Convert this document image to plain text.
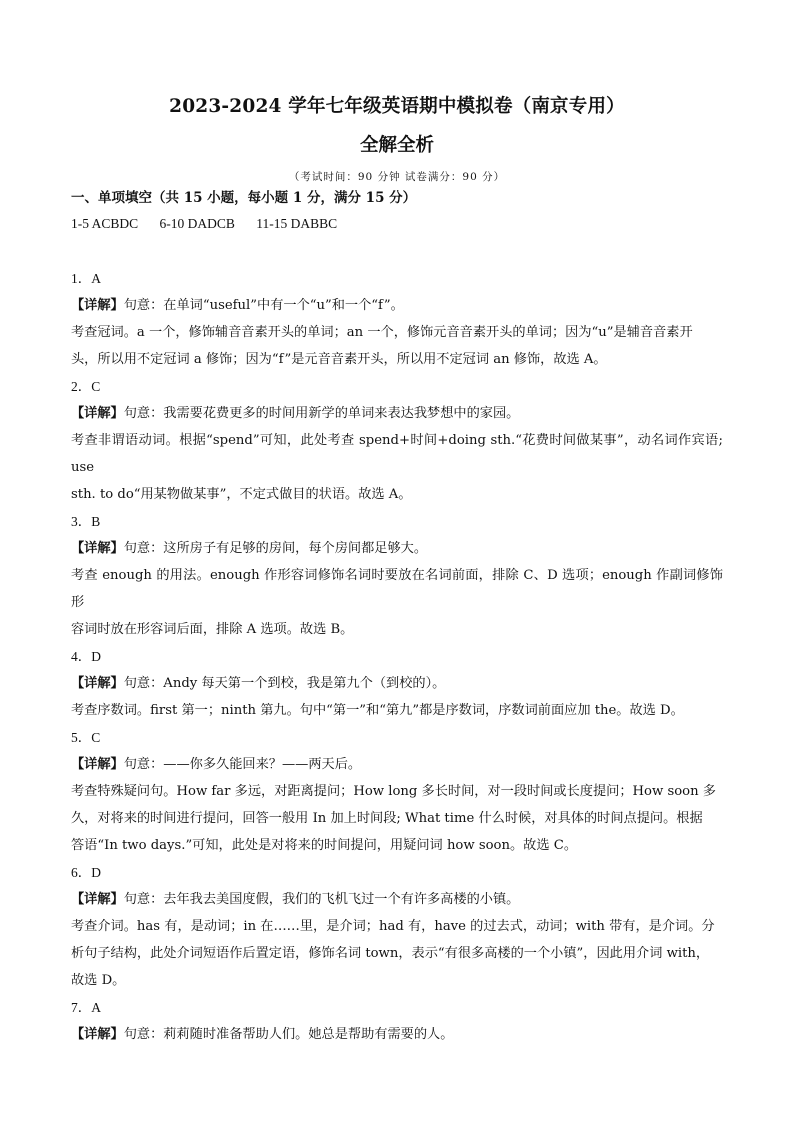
2023-2024 学年七年级英语期中模拟卷（南京专用）

全解全析

（考试时间：90 分钟 试卷满分：90 分）

一、单项填空（共 15 小题，每小题 1 分，满分 15 分）

1-5 ACBDC 6-10 DADCB 11-15 DABBC

1．A

【详解】句意：在单词“useful”中有一个“u”和一个“f”。

考查冠词。a 一个，修饰辅音音素开头的单词；an 一个，修饰元音音素开头的单词；因为“u”是辅音音素开

头，所以用不定冠词 a 修饰；因为“f”是元音音素开头，所以用不定冠词 an 修饰，故选 A。

2．C

【详解】句意：我需要花费更多的时间用新学的单词来表达我梦想中的家园。

考查非谓语动词。根据“spend”可知，此处考查 spend+时间+doing sth.“花费时间做某事”，动名词作宾语; use

sth. to do“用某物做某事”，不定式做目的状语。故选 A。

3．B

【详解】句意：这所房子有足够的房间，每个房间都足够大。

考查 enough 的用法。enough 作形容词修饰名词时要放在名词前面，排除 C、D 选项；enough 作副词修饰形

容词时放在形容词后面，排除 A 选项。故选 B。

4．D

【详解】句意：Andy 每天第一个到校，我是第九个（到校的）。

考查序数词。first 第一；ninth 第九。句中“第一”和“第九”都是序数词，序数词前面应加 the。故选 D。

5．C

【详解】句意：——你多久能回来？——两天后。

考查特殊疑问句。How far 多远，对距离提问；How long 多长时间，对一段时间或长度提问；How soon 多

久，对将来的时间进行提问，回答一般用 In 加上时间段; What time 什么时候，对具体的时间点提问。根据

答语“In two days.”可知，此处是对将来的时间提问，用疑问词 how soon。故选 C。

6．D

【详解】句意：去年我去美国度假，我们的飞机飞过一个有许多高楼的小镇。

考查介词。has 有，是动词；in 在……里，是介词；had 有，have 的过去式，动词；with 带有，是介词。分

析句子结构，此处介词短语作后置定语，修饰名词 town，表示“有很多高楼的一个小镇”，因此用介词 with，

故选 D。

7．A

【详解】句意：莉莉随时准备帮助人们。她总是帮助有需要的人。
